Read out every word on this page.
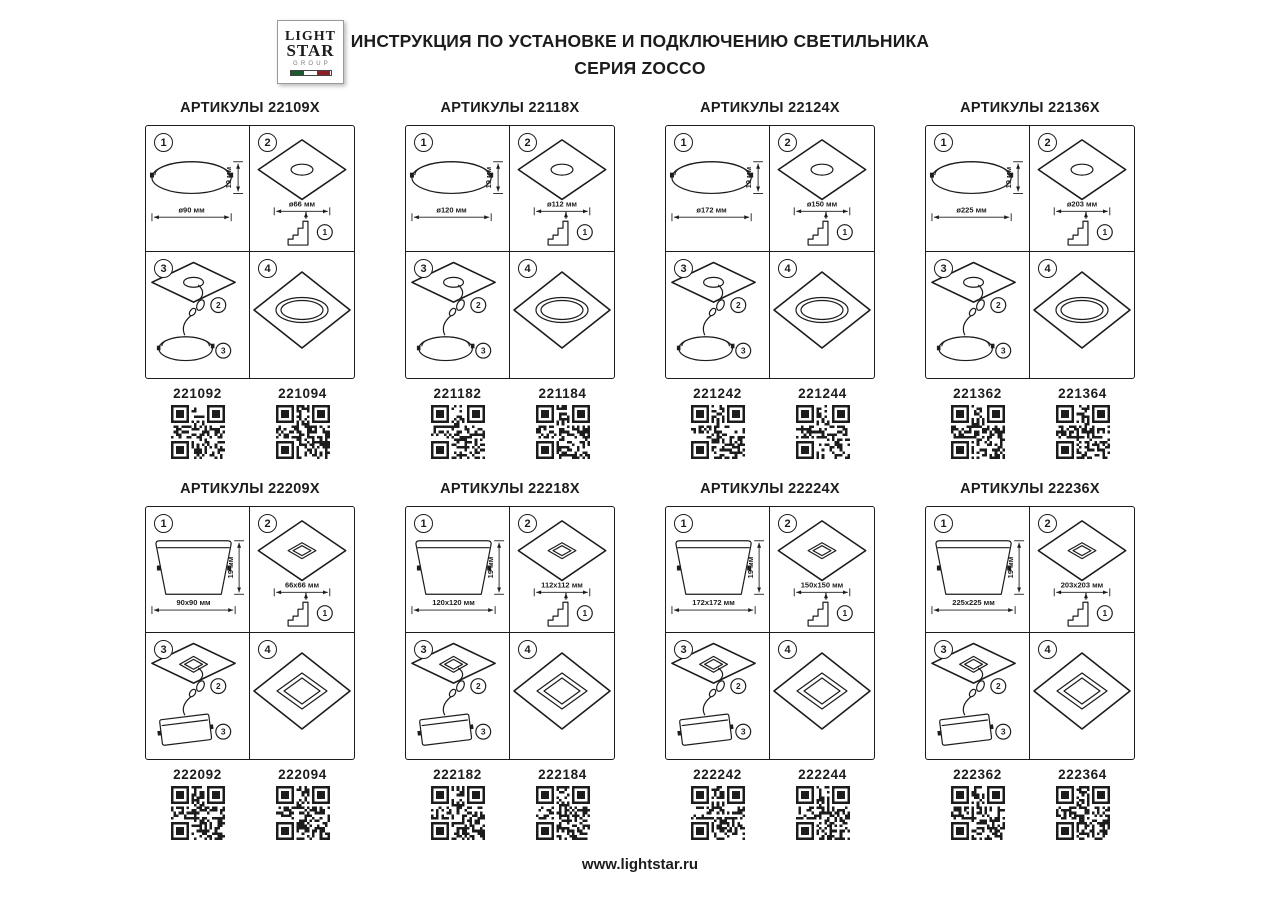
LIGHT
STAR
GROUP
ИНСТРУКЦИЯ ПО УСТАНОВКЕ И ПОДКЛЮЧЕНИЮ СВЕТИЛЬНИКА
СЕРИЯ ZOCCO
АРТИКУЛЫ 22109X
1
ø90 мм
19 мм
2
ø66 мм
1
3
2
3
4
221092	221094
АРТИКУЛЫ 22118X
1
ø120 мм
19 мм
2
ø112 мм
1
3
2
3
4
221182	221184
АРТИКУЛЫ 22124X
1
ø172 мм
19 мм
2
ø150 мм
1
3
2
3
4
221242	221244
АРТИКУЛЫ 22136X
1
ø225 мм
19 мм
2
ø203 мм
1
3
2
3
4
221362	221364
АРТИКУЛЫ 22209X
1
90x90 мм
19 мм
2
66x66 мм
1
3
2
3
4
222092	222094
АРТИКУЛЫ 22218X
1
120x120 мм
19 мм
2
112x112 мм
1
3
2
3
4
222182	222184
АРТИКУЛЫ 22224X
1
172x172 мм
19 мм
2
150x150 мм
1
3
2
3
4
222242	222244
АРТИКУЛЫ 22236X
1
225x225 мм
19 мм
2
203x203 мм
1
3
2
3
4
222362	222364
www.lightstar.ru
